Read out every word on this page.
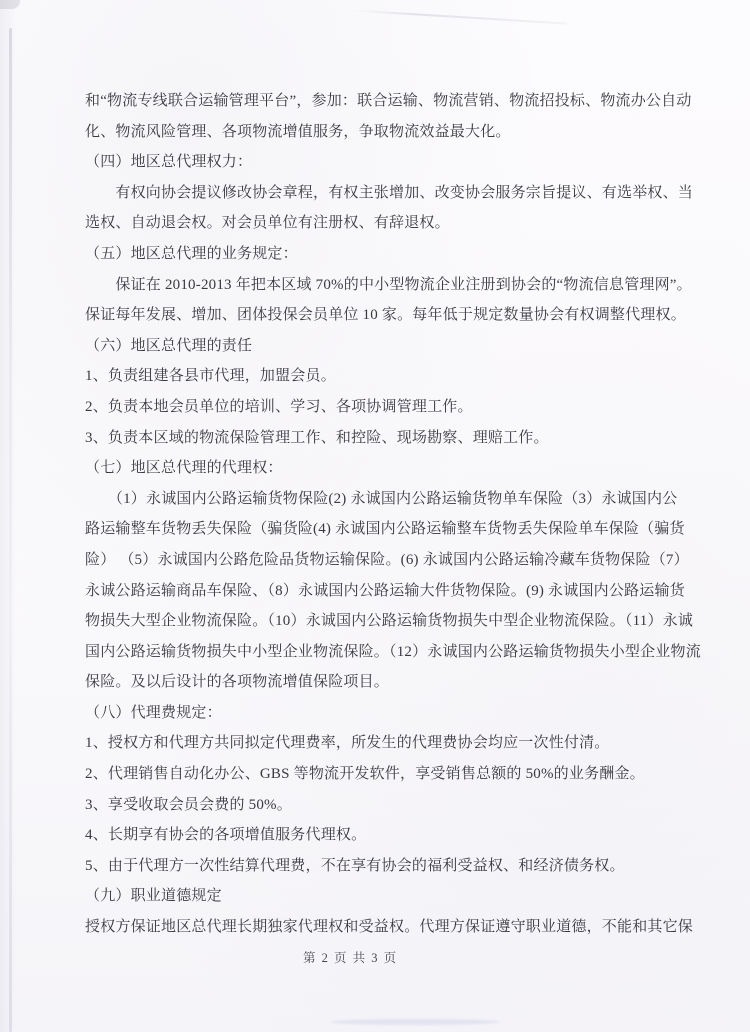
和“物流专线联合运输管理平台”，参加：联合运输、物流营销、物流招投标、物流办公自动
化、物流风险管理、各项物流增值服务，争取物流效益最大化。
（四）地区总代理权力：
　　有权向协会提议修改协会章程，有权主张增加、改变协会服务宗旨提议、有选举权、当
选权、自动退会权。对会员单位有注册权、有辞退权。
（五）地区总代理的业务规定：
　　保证在 2010-2013 年把本区域 70%的中小型物流企业注册到协会的“物流信息管理网”。
保证每年发展、增加、团体投保会员单位 10 家。每年低于规定数量协会有权调整代理权。
（六）地区总代理的责任
1、负责组建各县市代理，加盟会员。
2、负责本地会员单位的培训、学习、各项协调管理工作。
3、负责本区域的物流保险管理工作、和控险、现场勘察、理赔工作。
（七）地区总代理的代理权：
　　（1）永诚国内公路运输货物保险(2) 永诚国内公路运输货物单车保险（3）永诚国内公
路运输整车货物丢失保险（骗货险(4) 永诚国内公路运输整车货物丢失保险单车保险（骗货
险） （5）永诚国内公路危险品货物运输保险。(6) 永诚国内公路运输冷藏车货物保险（7）
永诚公路运输商品车保险、（8）永诚国内公路运输大件货物保险。(9) 永诚国内公路运输货
物损失大型企业物流保险。（10）永诚国内公路运输货物损失中型企业物流保险。（11）永诚
国内公路运输货物损失中小型企业物流保险。（12）永诚国内公路运输货物损失小型企业物流
保险。及以后设计的各项物流增值保险项目。
（八）代理费规定：
1、授权方和代理方共同拟定代理费率，所发生的代理费协会均应一次性付清。
2、代理销售自动化办公、GBS 等物流开发软件，享受销售总额的 50%的业务酬金。
3、享受收取会员会费的 50%。
4、长期享有协会的各项增值服务代理权。
5、由于代理方一次性结算代理费，不在享有协会的福利受益权、和经济债务权。
（九）职业道德规定
授权方保证地区总代理长期独家代理权和受益权。代理方保证遵守职业道德，不能和其它保
第 2 页 共 3 页
